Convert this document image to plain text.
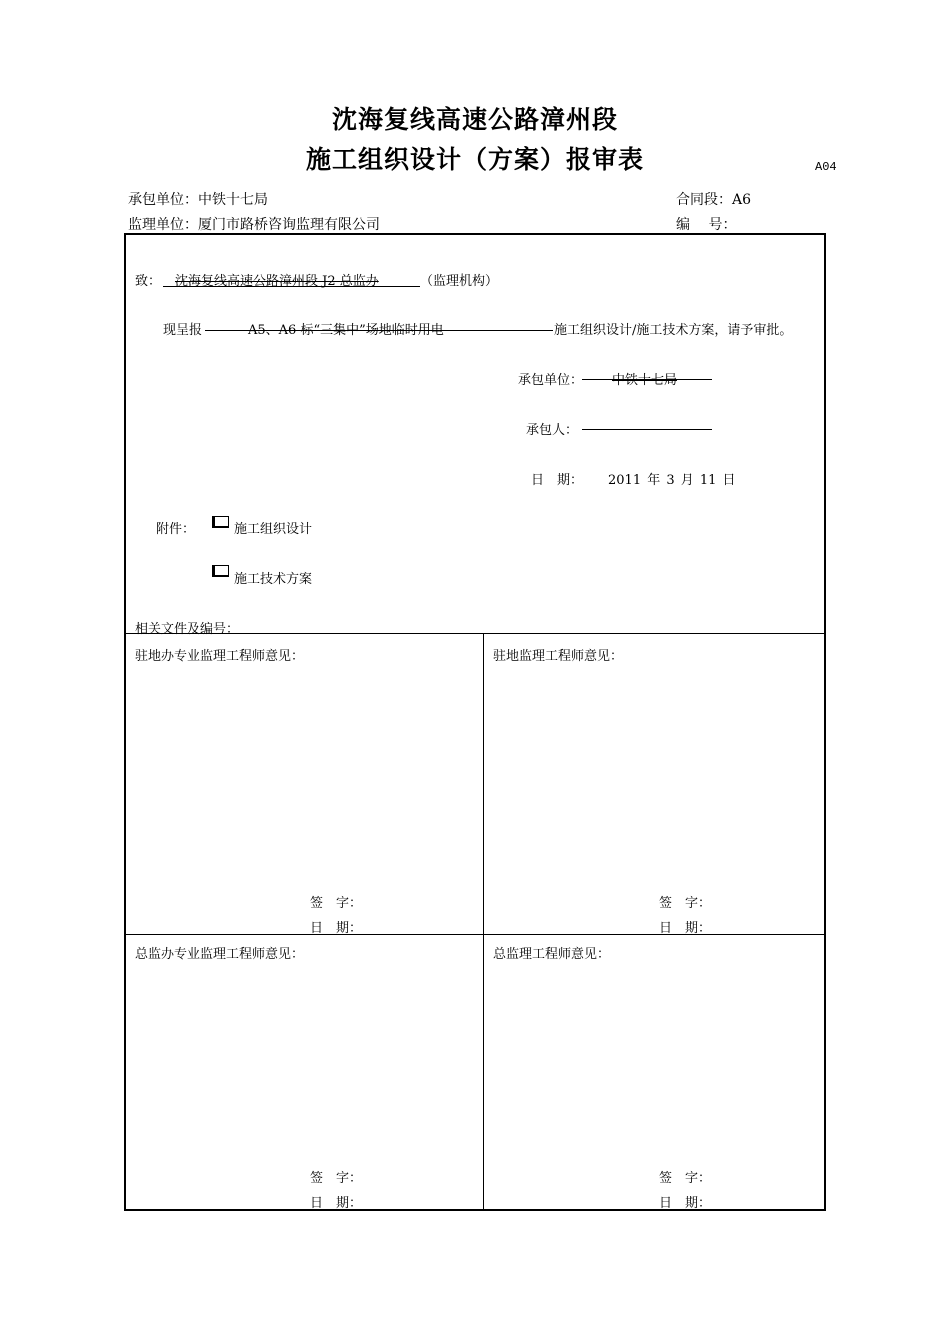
沈海复线高速公路漳州段
施工组织设计（方案）报审表	A04
承包单位：中铁十七局	合同段：A6
监理单位：厦门市路桥咨询监理有限公司	编　 号：
致： 沈海复线高速公路漳州段 J2 总监办	（监理机构）
现呈报	A5、A6 标“三集中”场地临时用电	施工组织设计/施工技术方案，请予审批。
承包单位： 中铁十七局
承包人：
日　期： 2011 年 3 月 11 日
附件：	施工组织设计
施工技术方案
相关文件及编号：
驻地办专业监理工程师意见：	驻地监理工程师意见：
签　字：
日　期：
签　字：
日　期：
总监办专业监理工程师意见：	总监理工程师意见：
签　字：
日　期：
签　字：
日　期：
